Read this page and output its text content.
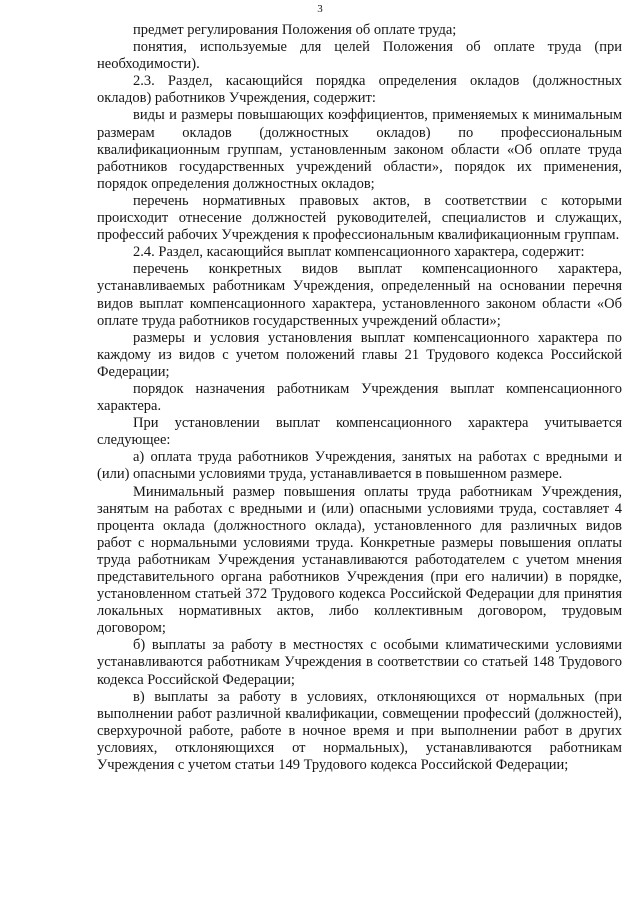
3

предмет регулирования Положения об оплате труда;

понятия, используемые для целей Положения об оплате труда (при необходимости).

2.3. Раздел, касающийся порядка определения окладов (должностных окладов) работников Учреждения, содержит:

виды и размеры повышающих коэффициентов, применяемых к минимальным размерам окладов (должностных окладов) по профессиональным квалификационным группам, установленным законом области «Об оплате труда работников государственных учреждений области», порядок их применения, порядок определения должностных окладов;

перечень нормативных правовых актов, в соответствии с которыми происходит отнесение должностей руководителей, специалистов и служащих, профессий рабочих Учреждения к профессиональным квалификационным группам.

2.4. Раздел, касающийся выплат компенсационного характера, содержит:

перечень конкретных видов выплат компенсационного характера, устанавливаемых работникам Учреждения, определенный на основании перечня видов выплат компенсационного характера, установленного законом области «Об оплате труда работников государственных учреждений области»;

размеры и условия установления выплат компенсационного характера по каждому из видов с учетом положений главы 21 Трудового кодекса Российской Федерации;

порядок назначения работникам Учреждения выплат компенсационного характера.

При установлении выплат компенсационного характера учитывается следующее:

а) оплата труда работников Учреждения, занятых на работах с вредными и (или) опасными условиями труда, устанавливается в повышенном размере.

Минимальный размер повышения оплаты труда работникам Учреждения, занятым на работах с вредными и (или) опасными условиями труда, составляет 4 процента оклада (должностного оклада), установленного для различных видов работ с нормальными условиями труда. Конкретные размеры повышения оплаты труда работникам Учреждения устанавливаются работодателем с учетом мнения представительного органа работников Учреждения (при его наличии) в порядке, установленном статьей 372 Трудового кодекса Российской Федерации для принятия локальных нормативных актов, либо коллективным договором, трудовым договором;

б) выплаты за работу в местностях с особыми климатическими условиями устанавливаются работникам Учреждения в соответствии со статьей 148 Трудового кодекса Российской Федерации;

в) выплаты за работу в условиях, отклоняющихся от нормальных (при выполнении работ различной квалификации, совмещении профессий (должностей), сверхурочной работе, работе в ночное время и при выполнении работ в других условиях, отклоняющихся от нормальных), устанавливаются работникам Учреждения с учетом статьи 149 Трудового кодекса Российской Федерации;
